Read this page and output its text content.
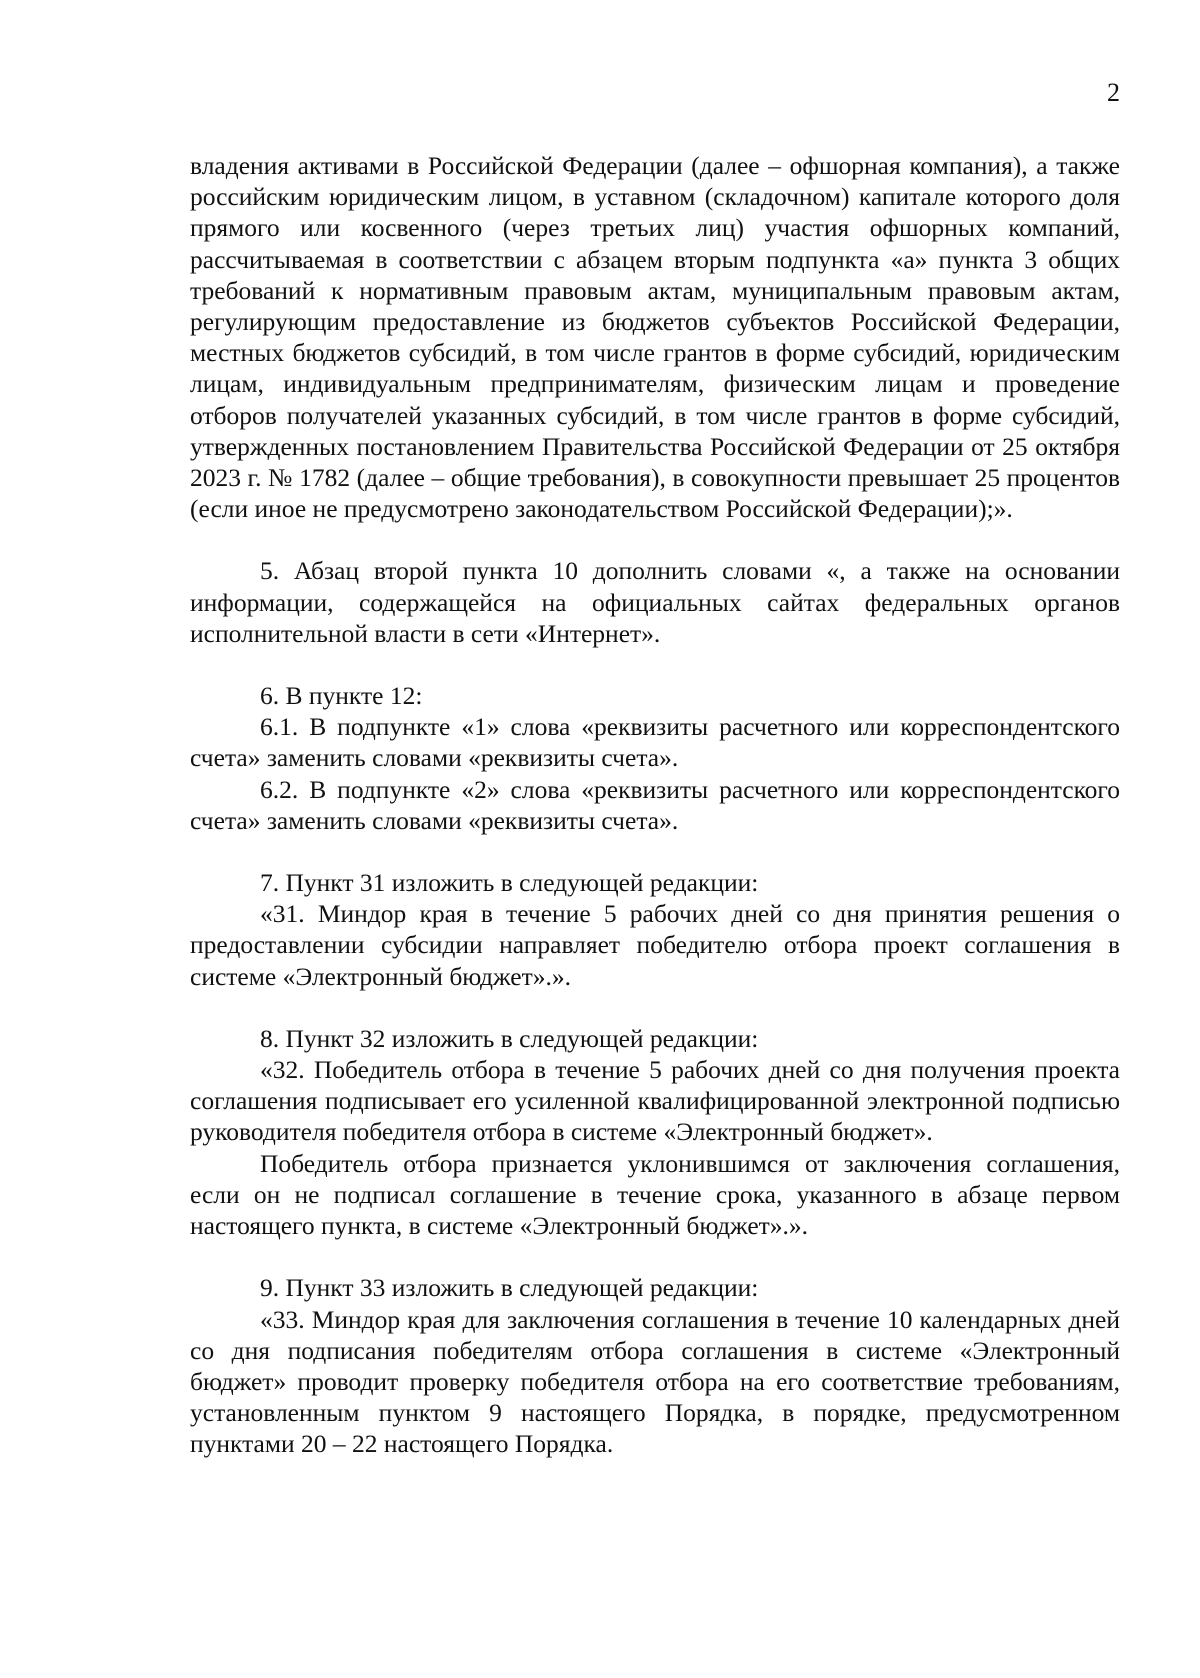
2

владения активами в Российской Федерации (далее – офшорная компания), а также российским юридическим лицом, в уставном (складочном) капитале которого доля прямого или косвенного (через третьих лиц) участия офшорных компаний, рассчитываемая в соответствии с абзацем вторым подпункта «а» пункта 3 общих требований к нормативным правовым актам, муниципальным правовым актам, регулирующим предоставление из бюджетов субъектов Российской Федерации, местных бюджетов субсидий, в том числе грантов в форме субсидий, юридическим лицам, индивидуальным предпринимателям, физическим лицам и проведение отборов получателей указанных субсидий, в том числе грантов в форме субсидий, утвержденных постановлением Правительства Российской Федерации от 25 октября 2023 г. № 1782 (далее – общие требования), в совокупности превышает 25 процентов (если иное не предусмотрено законодательством Российской Федерации);».

5. Абзац второй пункта 10 дополнить словами «, а также на основании информации, содержащейся на официальных сайтах федеральных органов исполнительной власти в сети «Интернет».

6. В пункте 12:

6.1. В подпункте «1» слова «реквизиты расчетного или корреспондентского счета» заменить словами «реквизиты счета».

6.2. В подпункте «2» слова «реквизиты расчетного или корреспондентского счета» заменить словами «реквизиты счета».

7. Пункт 31 изложить в следующей редакции:

«31. Миндор края в течение 5 рабочих дней со дня принятия решения о предоставлении субсидии направляет победителю отбора проект соглашения в системе «Электронный бюджет».».

8. Пункт 32 изложить в следующей редакции:

«32. Победитель отбора в течение 5 рабочих дней со дня получения проекта соглашения подписывает его усиленной квалифицированной электронной подписью руководителя победителя отбора в системе «Электронный бюджет».

Победитель отбора признается уклонившимся от заключения соглашения, если он не подписал соглашение в течение срока, указанного в абзаце первом настоящего пункта, в системе «Электронный бюджет».».

9. Пункт 33 изложить в следующей редакции:

«33. Миндор края для заключения соглашения в течение 10 календарных дней со дня подписания победителям отбора соглашения в системе «Электронный бюджет» проводит проверку победителя отбора на его соответствие требованиям, установленным пунктом 9 настоящего Порядка, в порядке, предусмотренном пунктами 20 – 22 настоящего Порядка.
